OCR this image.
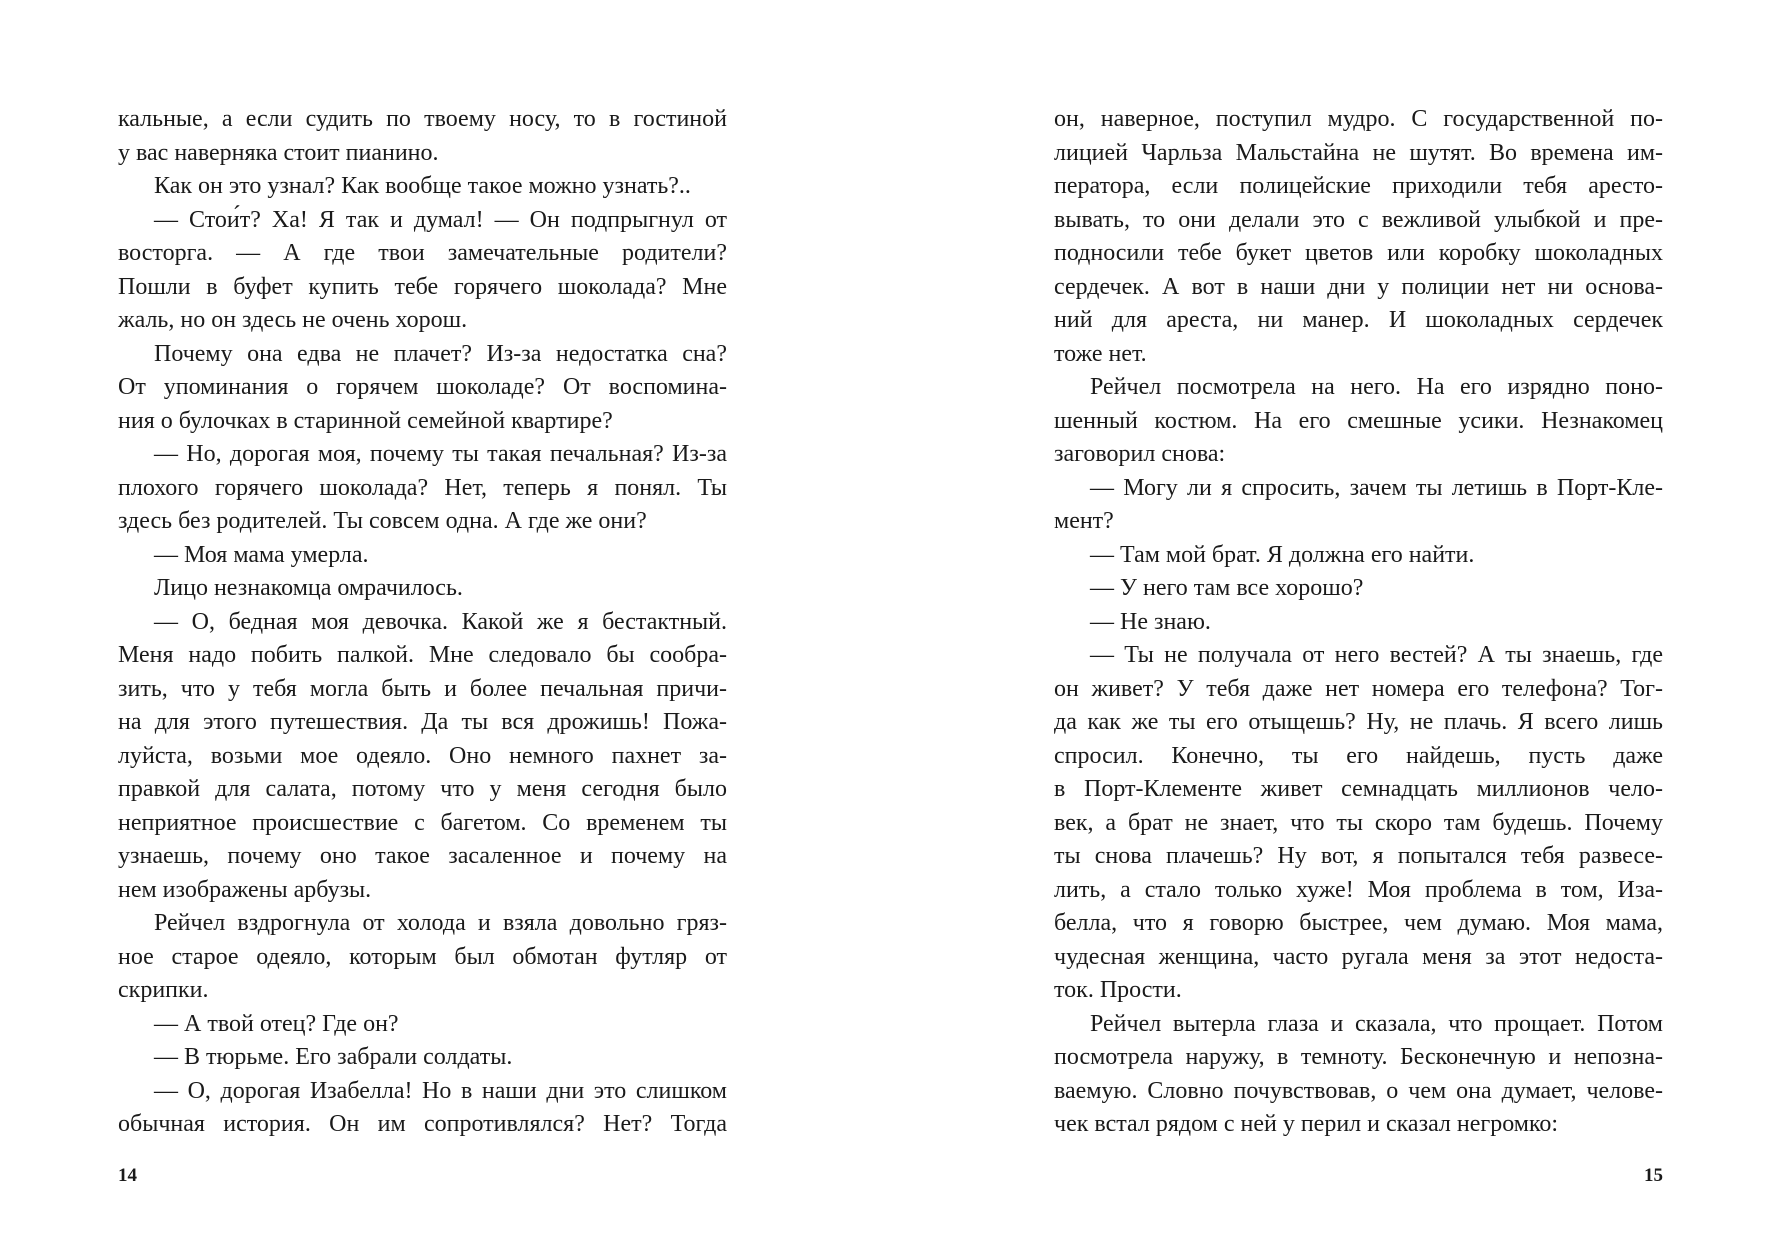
кальные, а если судить по твоему носу, то в гостиной

у вас наверняка стоит пианино.

Как он это узнал? Как вообще такое можно узнать?..

— Стои́т? Ха! Я так и думал! — Он подпрыгнул от

восторга. — А где твои замечательные родители?

Пошли в буфет купить тебе горячего шоколада? Мне

жаль, но он здесь не очень хорош.

Почему она едва не плачет? Из-за недостатка сна?

От упоминания о горячем шоколаде? От воспомина-

ния о булочках в старинной семейной квартире?

— Но, дорогая моя, почему ты такая печальная? Из-за

плохого горячего шоколада? Нет, теперь я понял. Ты

здесь без родителей. Ты совсем одна. А где же они?

— Моя мама умерла.

Лицо незнакомца омрачилось.

— О, бедная моя девочка. Какой же я бестактный.

Меня надо побить палкой. Мне следовало бы сообра-

зить, что у тебя могла быть и более печальная причи-

на для этого путешествия. Да ты вся дрожишь! Пожа-

луйста, возьми мое одеяло. Оно немного пахнет за-

правкой для салата, потому что у меня сегодня было

неприятное происшествие с багетом. Со временем ты

узнаешь, почему оно такое засаленное и почему на

нем изображены арбузы.

Рейчел вздрогнула от холода и взяла довольно гряз-

ное старое одеяло, которым был обмотан футляр от

скрипки.

— А твой отец? Где он?

— В тюрьме. Его забрали солдаты.

— О, дорогая Изабелла! Но в наши дни это слишком

обычная история. Он им сопротивлялся? Нет? Тогда

14

он, наверное, поступил мудро. С государственной по-

лицией Чарльза Мальстайна не шутят. Во времена им-

ператора, если полицейские приходили тебя аресто-

вывать, то они делали это с вежливой улыбкой и пре-

подносили тебе букет цветов или коробку шоколадных

сердечек. А вот в наши дни у полиции нет ни основа-

ний для ареста, ни манер. И шоколадных сердечек

тоже нет.

Рейчел посмотрела на него. На его изрядно поно-

шенный костюм. На его смешные усики. Незнакомец

заговорил снова:

— Могу ли я спросить, зачем ты летишь в Порт-Кле-

мент?

— Там мой брат. Я должна его найти.

— У него там все хорошо?

— Не знаю.

— Ты не получала от него вестей? А ты знаешь, где

он живет? У тебя даже нет номера его телефона? Тог-

да как же ты его отыщешь? Ну, не плачь. Я всего лишь

спросил. Конечно, ты его найдешь, пусть даже

в Порт-Клементе живет семнадцать миллионов чело-

век, а брат не знает, что ты скоро там будешь. Почему

ты снова плачешь? Ну вот, я попытался тебя развесе-

лить, а стало только хуже! Моя проблема в том, Иза-

белла, что я говорю быстрее, чем думаю. Моя мама,

чудесная женщина, часто ругала меня за этот недоста-

ток. Прости.

Рейчел вытерла глаза и сказала, что прощает. Потом

посмотрела наружу, в темноту. Бесконечную и непозна-

ваемую. Словно почувствовав, о чем она думает, челове-

чек встал рядом с ней у перил и сказал негромко:

15
